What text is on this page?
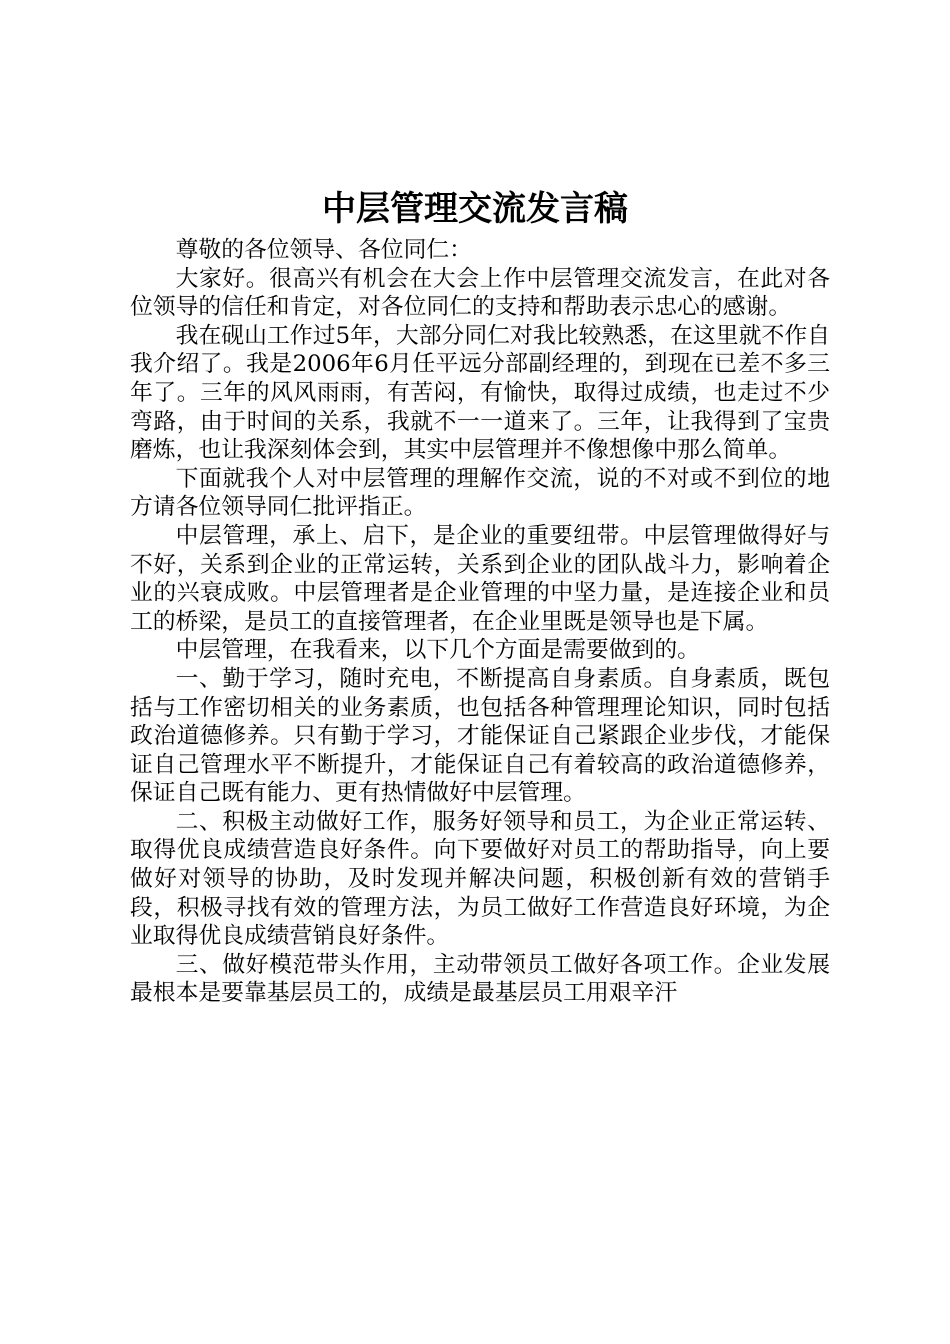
中层管理交流发言稿

尊敬的各位领导、各位同仁：

大家好。很高兴有机会在大会上作中层管理交流发言，在此对各位领导的信任和肯定，对各位同仁的支持和帮助表示忠心的感谢。

我在砚山工作过5年，大部分同仁对我比较熟悉，在这里就不作自我介绍了。我是2006年6月任平远分部副经理的，到现在已差不多三年了。三年的风风雨雨，有苦闷，有愉快，取得过成绩，也走过不少弯路，由于时间的关系，我就不一一道来了。三年，让我得到了宝贵磨炼，也让我深刻体会到，其实中层管理并不像想像中那么简单。

下面就我个人对中层管理的理解作交流，说的不对或不到位的地方请各位领导同仁批评指正。

中层管理，承上、启下，是企业的重要纽带。中层管理做得好与不好，关系到企业的正常运转，关系到企业的团队战斗力，影响着企业的兴衰成败。中层管理者是企业管理的中坚力量，是连接企业和员工的桥梁，是员工的直接管理者，在企业里既是领导也是下属。

中层管理，在我看来，以下几个方面是需要做到的。

一、勤于学习，随时充电，不断提高自身素质。自身素质，既包括与工作密切相关的业务素质，也包括各种管理理论知识，同时包括政治道德修养。只有勤于学习，才能保证自己紧跟企业步伐，才能保证自己管理水平不断提升，才能保证自己有着较高的政治道德修养，保证自己既有能力、更有热情做好中层管理。

二、积极主动做好工作，服务好领导和员工，为企业正常运转、取得优良成绩营造良好条件。向下要做好对员工的帮助指导，向上要做好对领导的协助，及时发现并解决问题，积极创新有效的营销手段，积极寻找有效的管理方法，为员工做好工作营造良好环境，为企业取得优良成绩营销良好条件。

三、做好模范带头作用，主动带领员工做好各项工作。企业发展最根本是要靠基层员工的，成绩是最基层员工用艰辛汗
